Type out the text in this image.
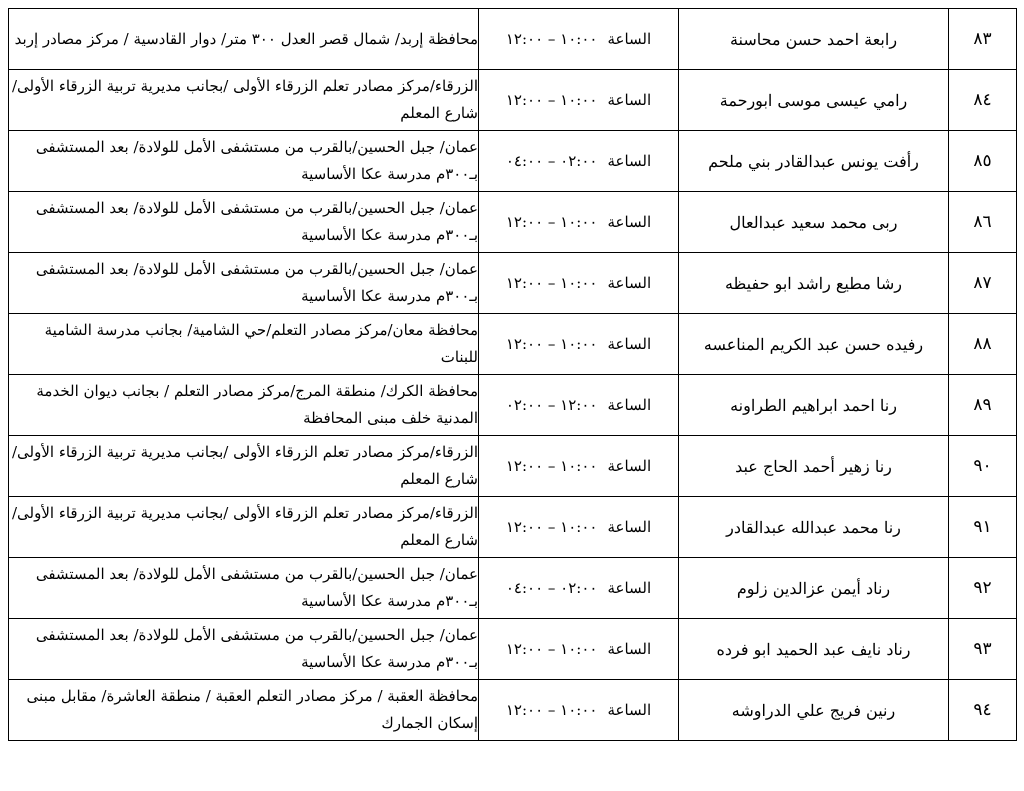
٨٣	رابعة احمد حسن محاسنة	الساعة١٠:٠٠ – ١٢:٠٠	محافظة إربد/ شمال قصر العدل ٣٠٠ متر/ دوار القادسية / مركز مصادر إربد
٨٤	رامي عيسى موسى ابورحمة	الساعة١٠:٠٠ – ١٢:٠٠	الزرقاء/مركز مصادر تعلم الزرقاء الأولى /بجانب مديرية تربية الزرقاء الأولى/ شارع المعلم
٨٥	رأفت يونس عبدالقادر بني ملحم	الساعة٠٢:٠٠ – ٠٤:٠٠	عمان/ جبل الحسين/بالقرب من مستشفى الأمل للولادة/ بعد المستشفى بـ٣٠٠م مدرسة عكا الأساسية
٨٦	ربى محمد سعيد عبدالعال	الساعة١٠:٠٠ – ١٢:٠٠	عمان/ جبل الحسين/بالقرب من مستشفى الأمل للولادة/ بعد المستشفى بـ٣٠٠م مدرسة عكا الأساسية
٨٧	رشا مطيع راشد ابو حفيظه	الساعة١٠:٠٠ – ١٢:٠٠	عمان/ جبل الحسين/بالقرب من مستشفى الأمل للولادة/ بعد المستشفى بـ٣٠٠م مدرسة عكا الأساسية
٨٨	رفيده حسن عبد الكريم المناعسه	الساعة١٠:٠٠ – ١٢:٠٠	محافظة معان/مركز مصادر التعلم/حي الشامية/ بجانب مدرسة الشامية للبنات
٨٩	رنا احمد ابراهيم الطراونه	الساعة١٢:٠٠ – ٠٢:٠٠	محافظة الكرك/ منطقة المرج/مركز مصادر التعلم / بجانب ديوان الخدمة المدنية خلف مبنى المحافظة
٩٠	رنا زهير أحمد الحاج عبد	الساعة١٠:٠٠ – ١٢:٠٠	الزرقاء/مركز مصادر تعلم الزرقاء الأولى /بجانب مديرية تربية الزرقاء الأولى/ شارع المعلم
٩١	رنا محمد عبدالله عبدالقادر	الساعة١٠:٠٠ – ١٢:٠٠	الزرقاء/مركز مصادر تعلم الزرقاء الأولى /بجانب مديرية تربية الزرقاء الأولى/ شارع المعلم
٩٢	رناد أيمن عزالدين زلوم	الساعة٠٢:٠٠ – ٠٤:٠٠	عمان/ جبل الحسين/بالقرب من مستشفى الأمل للولادة/ بعد المستشفى بـ٣٠٠م مدرسة عكا الأساسية
٩٣	رناد نايف عبد الحميد ابو فرده	الساعة١٠:٠٠ – ١٢:٠٠	عمان/ جبل الحسين/بالقرب من مستشفى الأمل للولادة/ بعد المستشفى بـ٣٠٠م مدرسة عكا الأساسية
٩٤	رنين فريج علي الدراوشه	الساعة١٠:٠٠ – ١٢:٠٠	محافظة العقبة / مركز مصادر التعلم العقبة / منطقة العاشرة/ مقابل مبنى إسكان الجمارك
